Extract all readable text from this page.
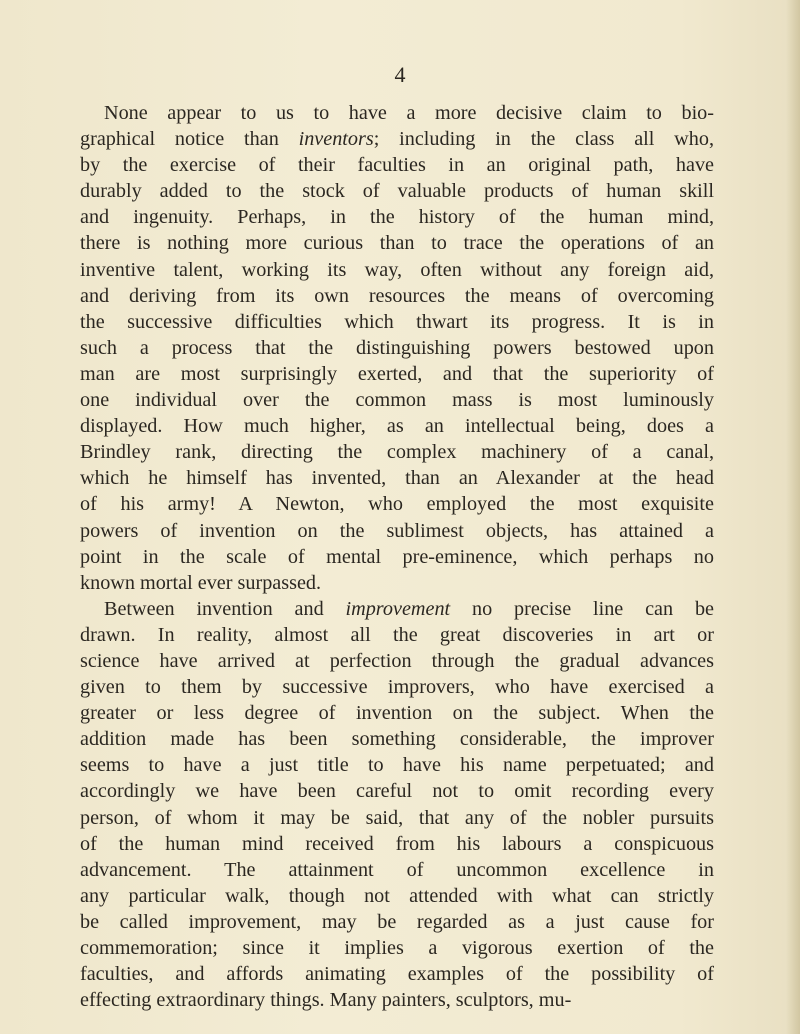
4
None appear to us to have a more decisive claim to bio-
graphical notice than inventors; including in the class all who,
by the exercise of their faculties in an original path, have
durably added to the stock of valuable products of human skill
and ingenuity. Perhaps, in the history of the human mind,
there is nothing more curious than to trace the operations of an
inventive talent, working its way, often without any foreign aid,
and deriving from its own resources the means of overcoming
the successive difficulties which thwart its progress. It is in
such a process that the distinguishing powers bestowed upon
man are most surprisingly exerted, and that the superiority of
one individual over the common mass is most luminously
displayed. How much higher, as an intellectual being, does a
Brindley rank, directing the complex machinery of a canal,
which he himself has invented, than an Alexander at the head
of his army! A Newton, who employed the most exquisite
powers of invention on the sublimest objects, has attained a
point in the scale of mental pre-eminence, which perhaps no
known mortal ever surpassed.
Between invention and improvement no precise line can be
drawn. In reality, almost all the great discoveries in art or
science have arrived at perfection through the gradual advances
given to them by successive improvers, who have exercised a
greater or less degree of invention on the subject. When the
addition made has been something considerable, the improver
seems to have a just title to have his name perpetuated; and
accordingly we have been careful not to omit recording every
person, of whom it may be said, that any of the nobler pursuits
of the human mind received from his labours a conspicuous
advancement. The attainment of uncommon excellence in
any particular walk, though not attended with what can strictly
be called improvement, may be regarded as a just cause for
commemoration; since it implies a vigorous exertion of the
faculties, and affords animating examples of the possibility of
effecting extraordinary things. Many painters, sculptors, mu-
